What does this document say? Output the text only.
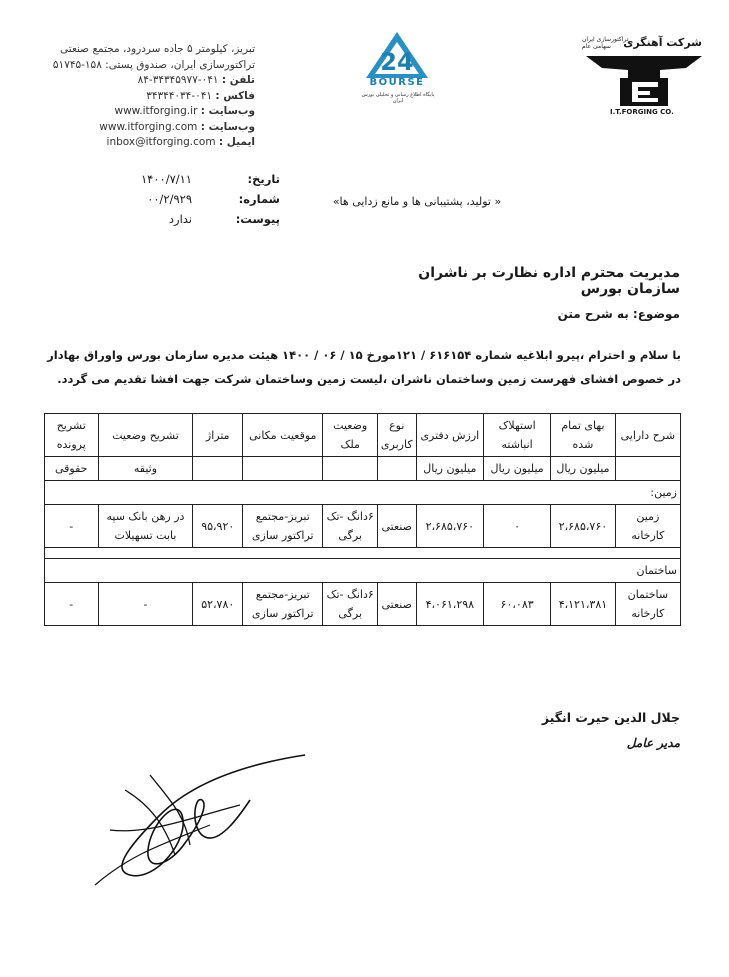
تبریز، کیلومتر ۵ جاده سردرود، مجتمع صنعتی
تراکتورسازی ایران، صندوق پستی: ۱۵۸-۵۱۷۴۵
تلفن : ۰۴۱-۳۴۳۴۵۹۷۷-۸۴
فاکس : ۰۴۱-۳۴۳۴۴۰۳۴
وب‌سایت : www.itforging.ir
وب‌سایت : www.itforging.com
ایمیل : inbox@itforging.com
24
BOURSE
پایگاه اطلاع رسانی و تحلیلی بورس ایران
شرکت آهنگری
تراکتورسازی ایران سهامی عام
I.T.FORGING CO.
تاریخ:
۱۴۰۰/۷/۱۱
شماره:
۰۰/۲/۹۲۹
پیوست:
ندارد
« تولید، پشتیبانی ها و مانع زدایی ها»
مدیریت محترم اداره نظارت بر ناشران سازمان بورس
موضوع: به شرح متن
با سلام و احترام ،پیرو ابلاغیه شماره ۶۱۶۱۵۴ / ۱۲۱مورخ ۱۵ / ۰۶ / ۱۴۰۰ هیئت مدیره سازمان بورس واوراق بهادار در خصوص افشای فهرست زمین وساختمان ناشران ،لیست زمین وساختمان شرکت جهت افشا تقدیم می گردد.
شرح دارایی	بهای تمام شده	استهلاک انباشته	ارزش دفتری	نوع کاربری	وضعیت ملک	موقعیت مکانی	متراژ	تشریح وضعیت	تشریح پرونده
	میلیون ریال	میلیون ریال	میلیون ریال					وثیقه	حقوقی
زمین:									
زمین کارخانه	۲،۶۸۵،۷۶۰	۰	۲،۶۸۵،۷۶۰	صنعتی	۶دانگ -تک برگی	تبریز-مجتمع تراکتور سازی	۹۵،۹۲۰	در رهن بانک سپه بابت تسهیلات	-

ساختمان									
ساختمان کارخانه	۴،۱۲۱،۳۸۱	۶۰،۰۸۳	۴،۰۶۱،۲۹۸	صنعتی	۶دانگ -تک برگی	تبریز-مجتمع تراکتور سازی	۵۲،۷۸۰	-	-
جلال الدین حیرت انگیز
مدیر عامل
